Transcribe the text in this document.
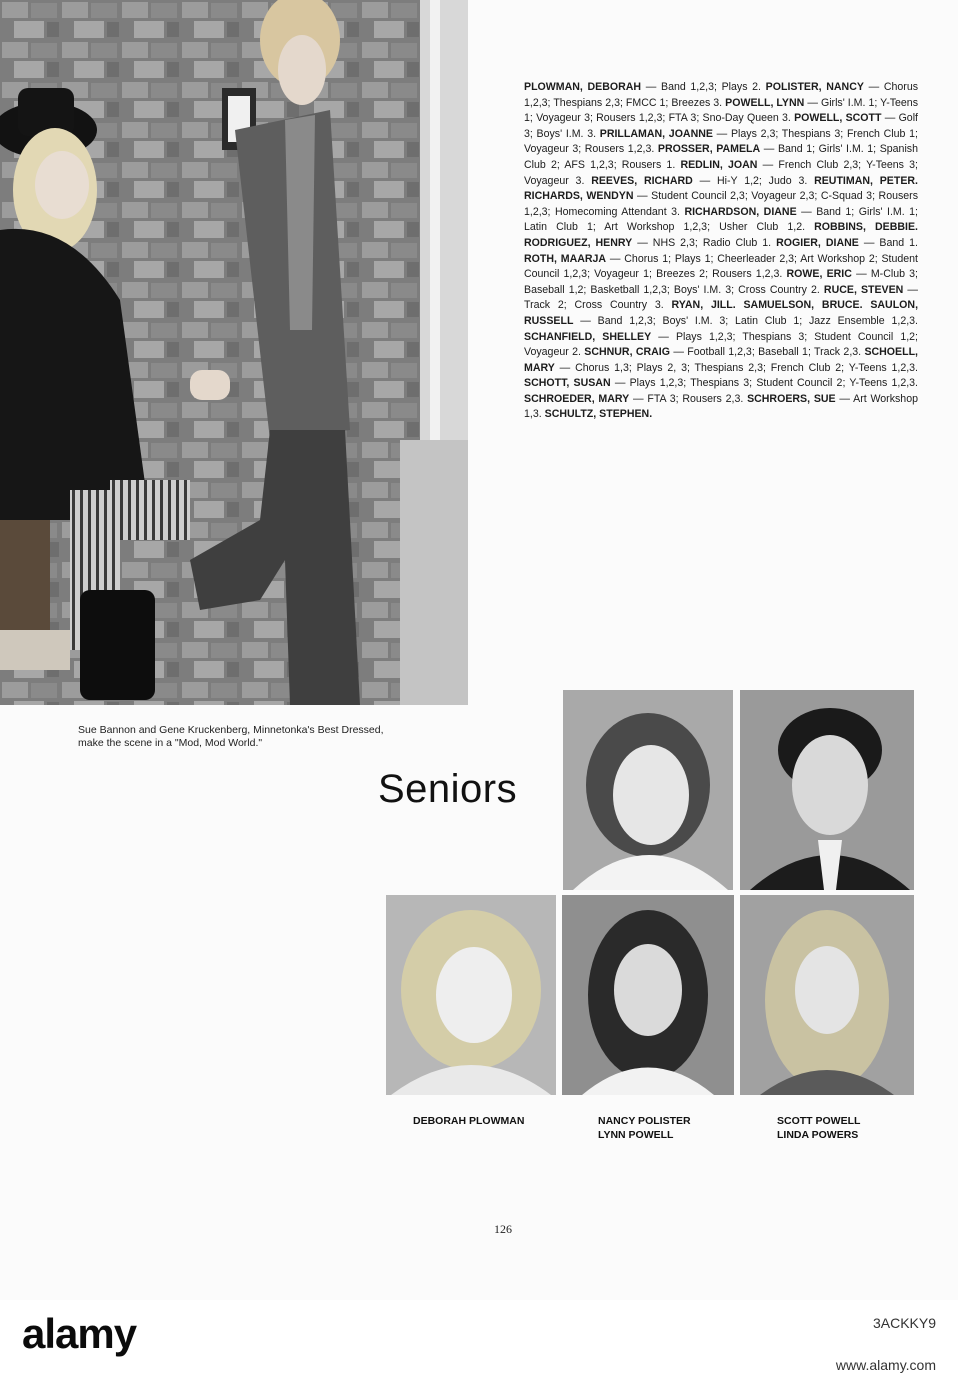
Sue Bannon and Gene Kruckenberg, Minnetonka's Best Dressed,
make the scene in a "Mod, Mod World."
PLOWMAN, DEBORAH — Band 1,2,3; Plays 2. POLISTER, NANCY — Chorus 1,2,3; Thespians 2,3; FMCC 1; Breezes 3. POWELL, LYNN — Girls' I.M. 1; Y-Teens 1; Voyageur 3; Rousers 1,2,3; FTA 3; Sno-Day Queen 3. POWELL, SCOTT — Golf 3; Boys' I.M. 3. PRILLAMAN, JOANNE — Plays 2,3; Thespians 3; French Club 1; Voyageur 3; Rousers 1,2,3. PROSSER, PAMELA — Band 1; Girls' I.M. 1; Spanish Club 2; AFS 1,2,3; Rousers 1. REDLIN, JOAN — French Club 2,3; Y-Teens 3; Voyageur 3. REEVES, RICHARD — Hi-Y 1,2; Judo 3. REUTIMAN, PETER. RICHARDS, WENDYN — Student Council 2,3; Voyageur 2,3; C-Squad 3; Rousers 1,2,3; Homecoming Attendant 3. RICHARDSON, DIANE — Band 1; Girls' I.M. 1; Latin Club 1; Art Workshop 1,2,3; Usher Club 1,2. ROBBINS, DEBBIE. RODRIGUEZ, HENRY — NHS 2,3; Radio Club 1. ROGIER, DIANE — Band 1. ROTH, MAARJA — Chorus 1; Plays 1; Cheerleader 2,3; Art Workshop 2; Student Council 1,2,3; Voyageur 1; Breezes 2; Rousers 1,2,3. ROWE, ERIC — M-Club 3; Baseball 1,2; Basketball 1,2,3; Boys' I.M. 3; Cross Country 2. RUCE, STEVEN — Track 2; Cross Country 3. RYAN, JILL. SAMUELSON, BRUCE. SAULON, RUSSELL — Band 1,2,3; Boys' I.M. 3; Latin Club 1; Jazz Ensemble 1,2,3. SCHANFIELD, SHELLEY — Plays 1,2,3; Thespians 3; Student Council 1,2; Voyageur 2. SCHNUR, CRAIG — Football 1,2,3; Baseball 1; Track 2,3. SCHOELL, MARY — Chorus 1,3; Plays 2, 3; Thespians 2,3; French Club 2; Y-Teens 1,2,3. SCHOTT, SUSAN — Plays 1,2,3; Thespians 3; Student Council 2; Y-Teens 1,2,3. SCHROEDER, MARY — FTA 3; Rousers 2,3. SCHROERS, SUE — Art Workshop 1,3. SCHULTZ, STEPHEN.
Seniors
DEBORAH PLOWMAN	NANCY POLISTER
LYNN POWELL
SCOTT POWELL
LINDA POWERS
126
alamy	3ACKKY9
www.alamy.com
